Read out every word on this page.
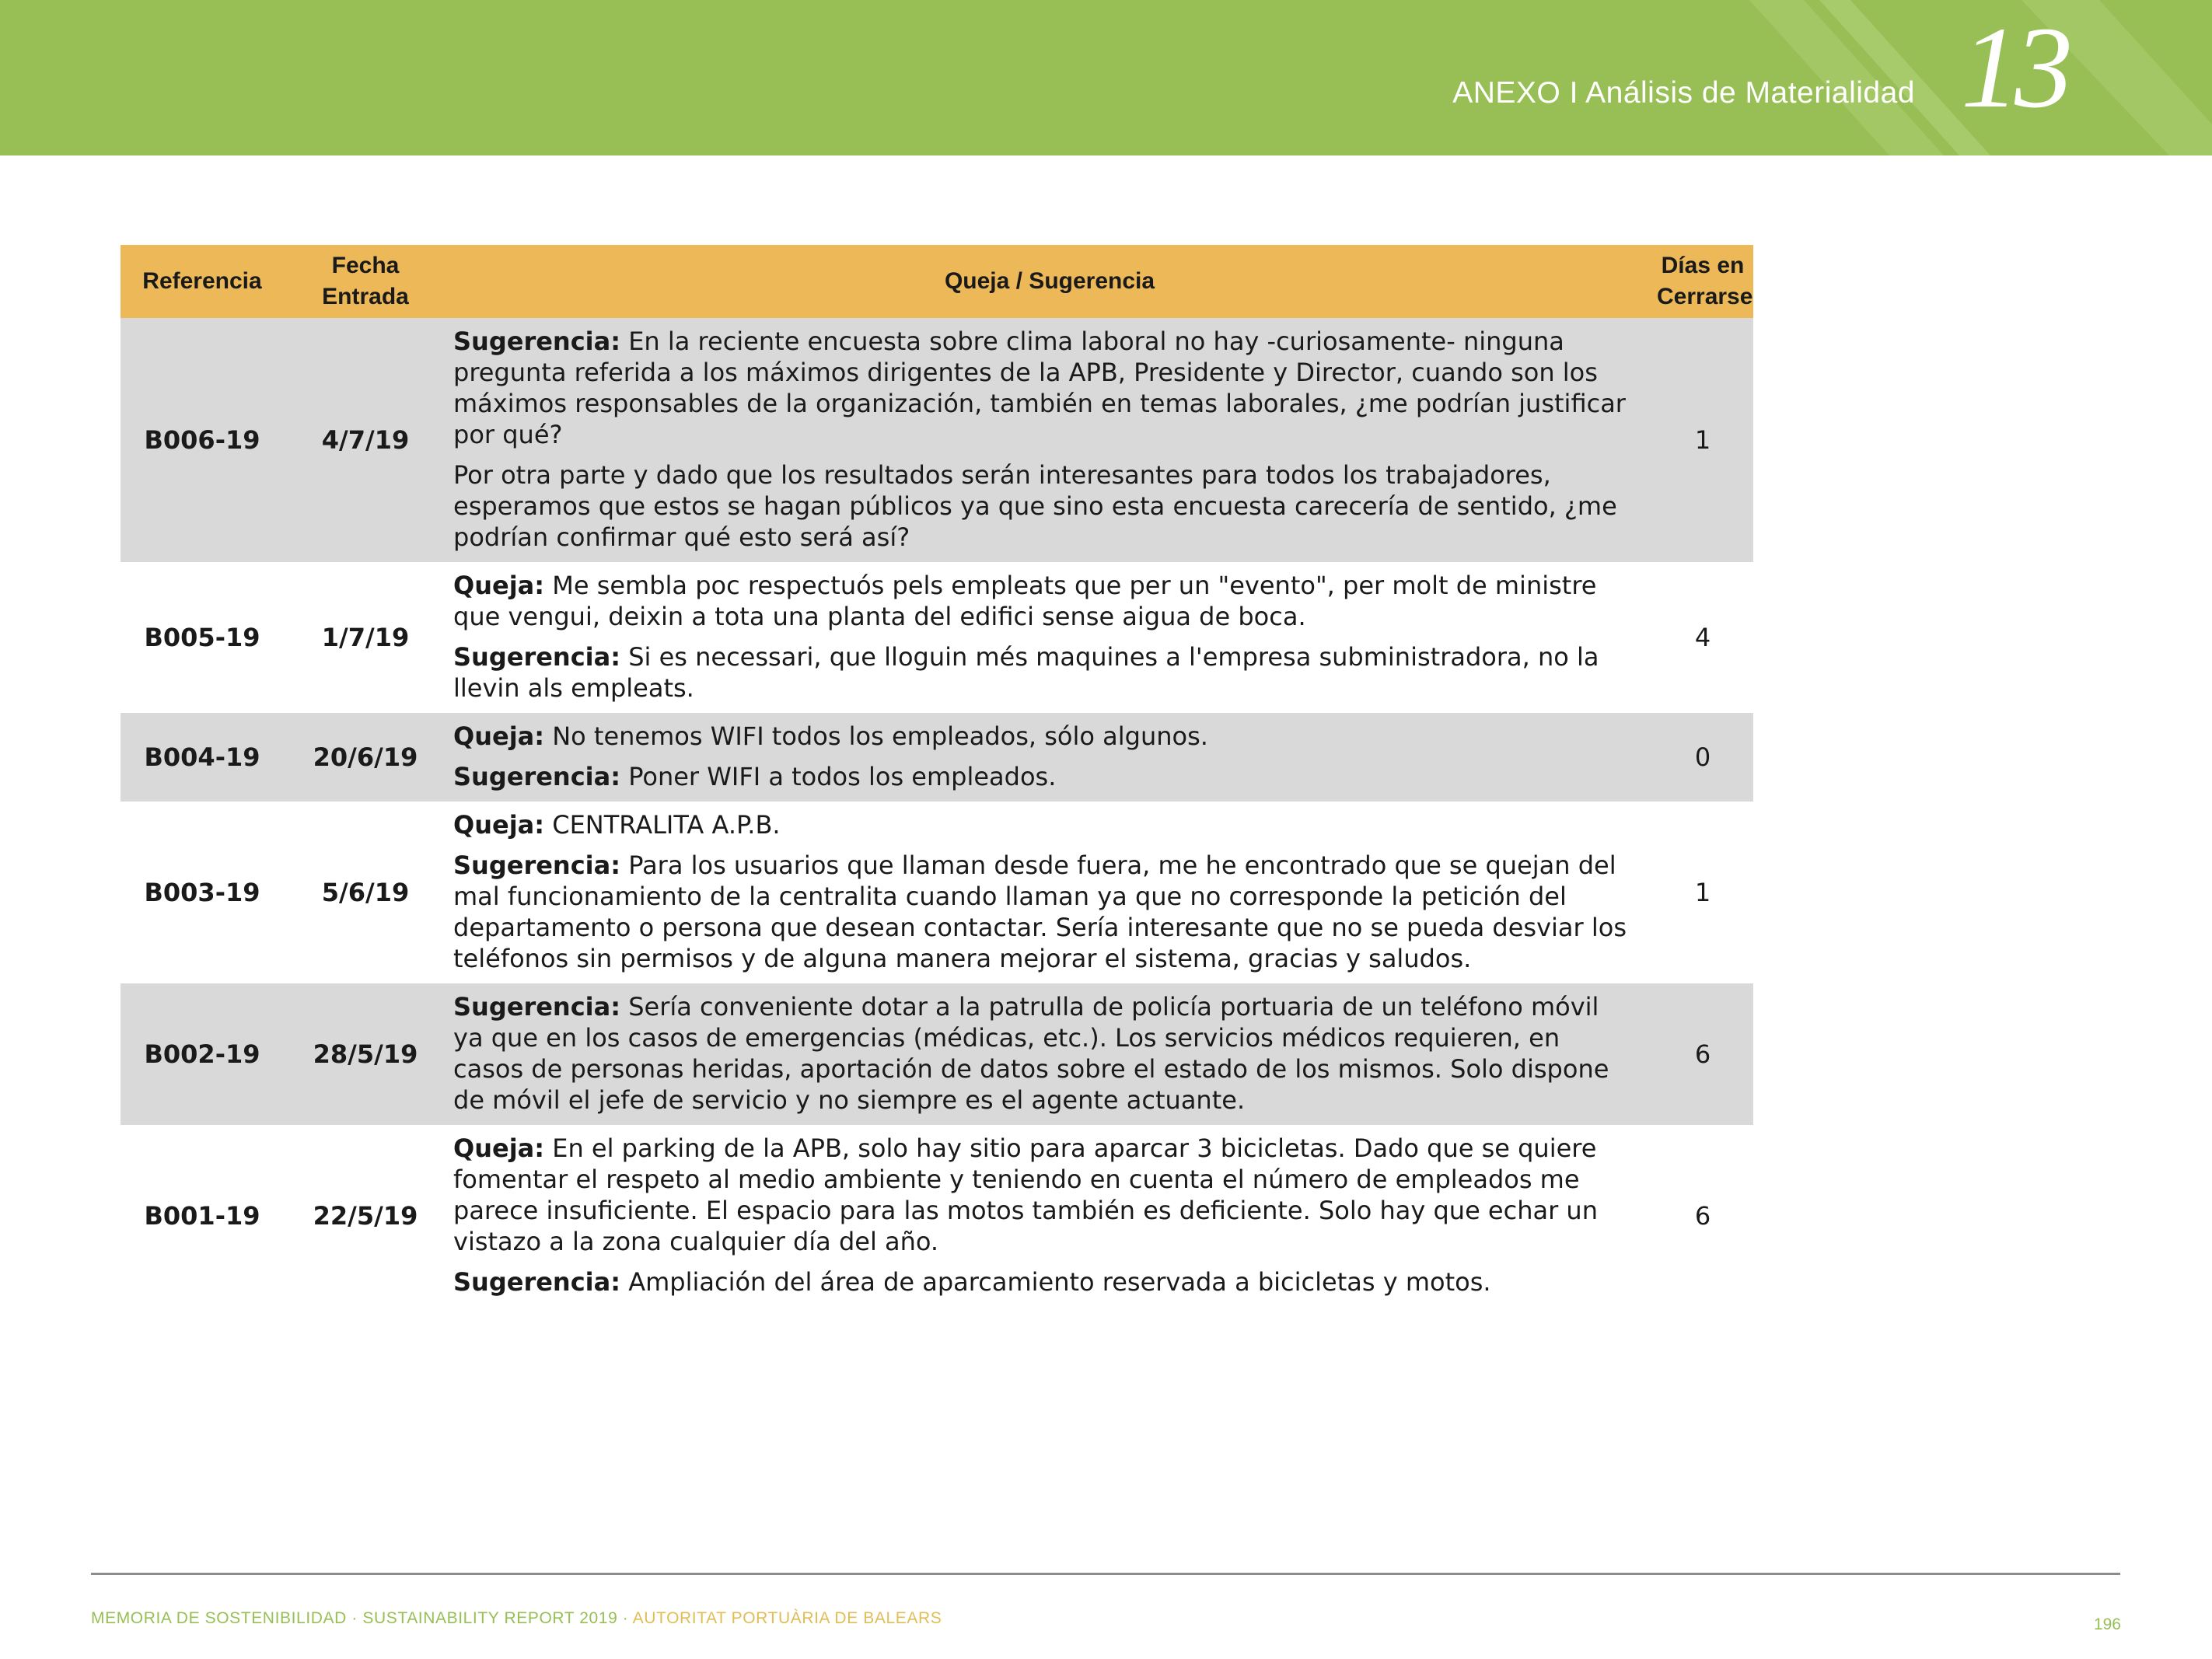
ANEXO I Análisis de Materialidad 13
Referencia	Fecha Entrada	Queja / Sugerencia	Días en Cerrarse
B006-19	4/7/19	Sugerencia: En la reciente encuesta sobre clima laboral no hay -curiosamente- ninguna pregunta referida a los máximos dirigentes de la APB, Presidente y Director, cuando son los máximos responsables de la organización, también en temas laborales, ¿me podrían justificar por qué?

Por otra parte y dado que los resultados serán interesantes para todos los trabajadores, esperamos que estos se hagan públicos ya que sino esta encuesta carecería de sentido, ¿me podrían confirmar qué esto será así?	1
B005-19	1/7/19	Queja: Me sembla poc respectuós pels empleats que per un "evento", per molt de ministre que vengui, deixin a tota una planta del edifici sense aigua de boca.

Sugerencia: Si es necessari, que lloguin més maquines a l'empresa subministradora, no la llevin als empleats.	4
B004-19	20/6/19	Queja: No tenemos WIFI todos los empleados, sólo algunos.

Sugerencia: Poner WIFI a todos los empleados.	0
B003-19	5/6/19	Queja: CENTRALITA A.P.B.

Sugerencia: Para los usuarios que llaman desde fuera, me he encontrado que se quejan del mal funcionamiento de la centralita cuando llaman ya que no corresponde la petición del departamento o persona que desean contactar. Sería interesante que no se pueda desviar los teléfonos sin permisos y de alguna manera mejorar el sistema, gracias y saludos.	1
B002-19	28/5/19	Sugerencia: Sería conveniente dotar a la patrulla de policía portuaria de un teléfono móvil ya que en los casos de emergencias (médicas, etc.). Los servicios médicos requieren, en casos de personas heridas, aportación de datos sobre el estado de los mismos. Solo dispone de móvil el jefe de servicio y no siempre es el agente actuante.	6
B001-19	22/5/19	Queja: En el parking de la APB, solo hay sitio para aparcar 3 bicicletas. Dado que se quiere fomentar el respeto al medio ambiente y teniendo en cuenta el número de empleados me parece insuficiente. El espacio para las motos también es deficiente. Solo hay que echar un vistazo a la zona cualquier día del año.

Sugerencia: Ampliación del área de aparcamiento reservada a bicicletas y motos.	6
MEMORIA DE SOSTENIBILIDAD · SUSTAINABILITY REPORT 2019 · AUTORITAT PORTUÀRIA DE BALEARS	196
